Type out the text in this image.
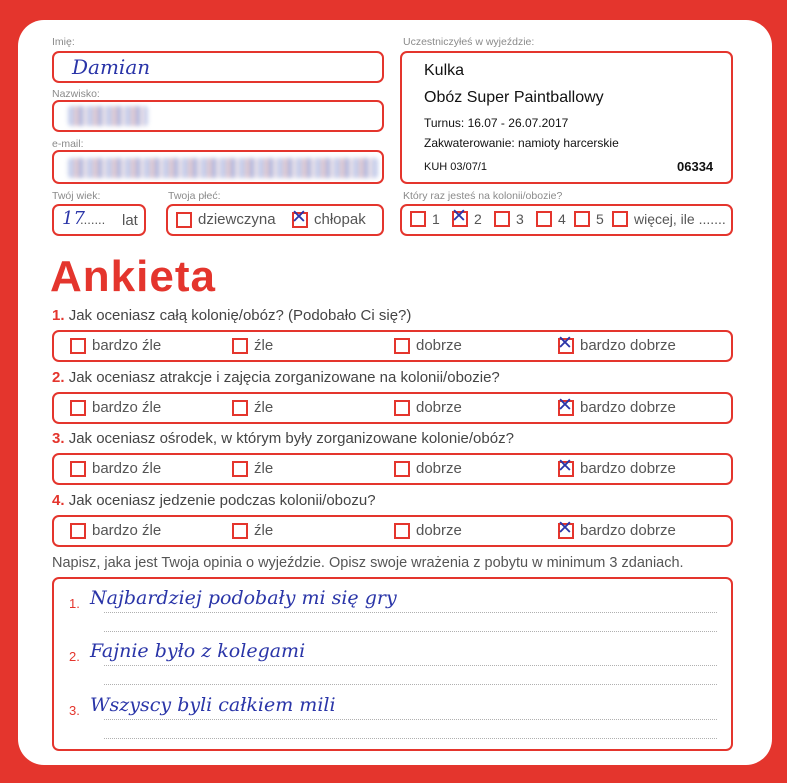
Imię:
Damian
Nazwisko:
e-mail:
Twój wiek:
17
....... lat
Twoja płeć:
dziewczyna ✕ chłopak
Uczestniczyłeś w wyjeździe:
Kulka
Obóz Super Paintballowy
Turnus: 16.07 - 26.07.2017
Zakwaterowanie: namioty harcerskie
KUH 03/07/1	06334
Który raz jesteś na kolonii/obozie?
1 ✕ 2 3 4 5 więcej, ile .......
Ankieta
1. Jak oceniasz całą kolonię/obóz? (Podobało Ci się?)
bardzo źle	źle	dobrze	✕ bardzo dobrze
2. Jak oceniasz atrakcje i zajęcia zorganizowane na kolonii/obozie?
bardzo źle	źle	dobrze	✕ bardzo dobrze
3. Jak oceniasz ośrodek, w którym były zorganizowane kolonie/obóz?
bardzo źle	źle	dobrze	✕ bardzo dobrze
4. Jak oceniasz jedzenie podczas kolonii/obozu?
bardzo źle	źle	dobrze	✕ bardzo dobrze
Napisz, jaka jest Twoja opinia o wyjeździe. Opisz swoje wrażenia z pobytu w minimum 3 zdaniach.
1. Najbardziej podobały mi się gry
2. Fajnie było z kolegami
3. Wszyscy byli całkiem mili
